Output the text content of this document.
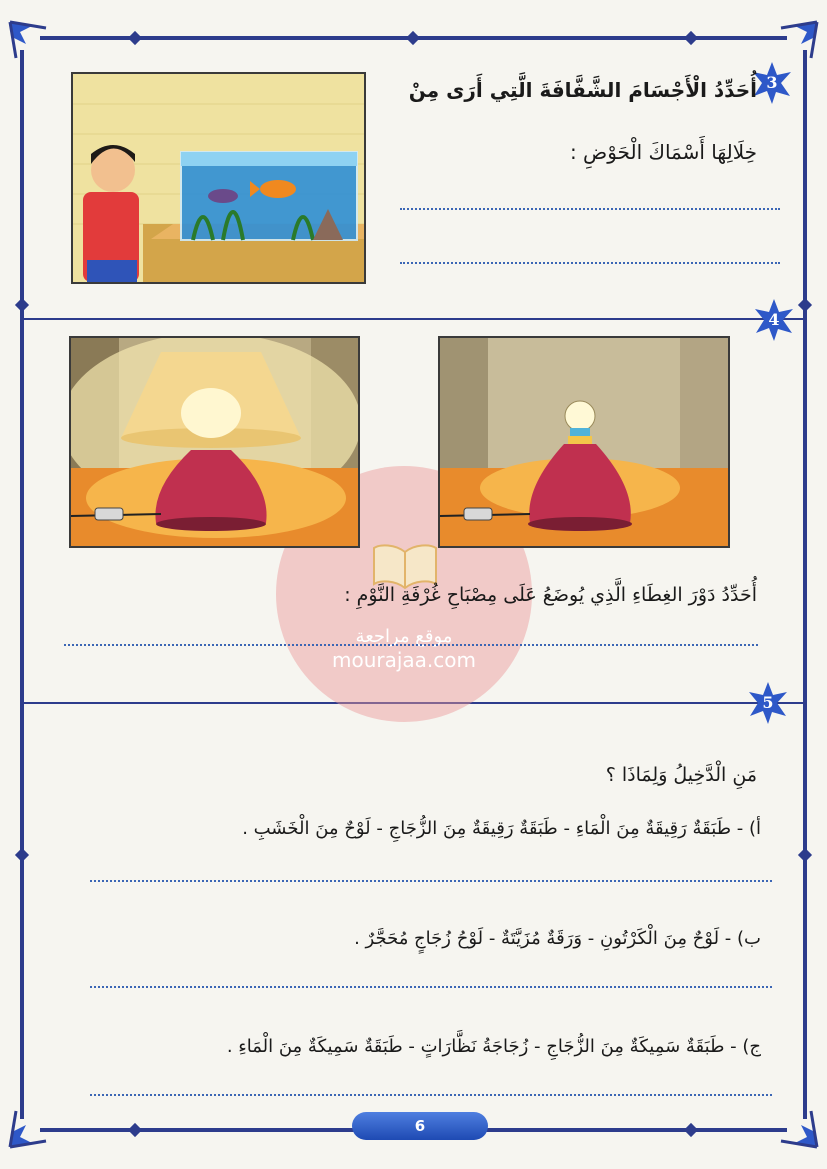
موقع مراجعة
mourajaa.com
3
أُحَدِّدُ الْأَجْسَامَ الشَّفَّافَةَ الَّتِي أَرَى مِنْ
خِلَالِهَا أَسْمَاكَ الْحَوْضِ :
4
أُحَدِّدُ دَوْرَ الغِطَاءِ الَّذِي يُوضَعُ عَلَى مِصْبَاحِ غُرْفَةِ النَّوْمِ :
5
مَنِ الْدَّخِيلُ وَلِمَاذَا ؟
أ) - طَبَقَةٌ رَقِيقَةٌ مِنَ الْمَاءِ - طَبَقَةٌ رَقِيقَةٌ مِنَ الزُّجَاجِ - لَوْحٌ مِنَ الْخَشَبِ .
ب) - لَوْحٌ مِنَ الْكَرْتُونِ - وَرَقَةٌ مُزَيَّتَةٌ - لَوْحُ زُجَاجٍ مُحَجَّرٌ .
ج) - طَبَقَةٌ سَمِيكَةٌ مِنَ الزُّجَاجِ - زُجَاجَةُ نَظَّارَاتٍ - طَبَقَةٌ سَمِيكَةٌ مِنَ الْمَاءِ .
6
